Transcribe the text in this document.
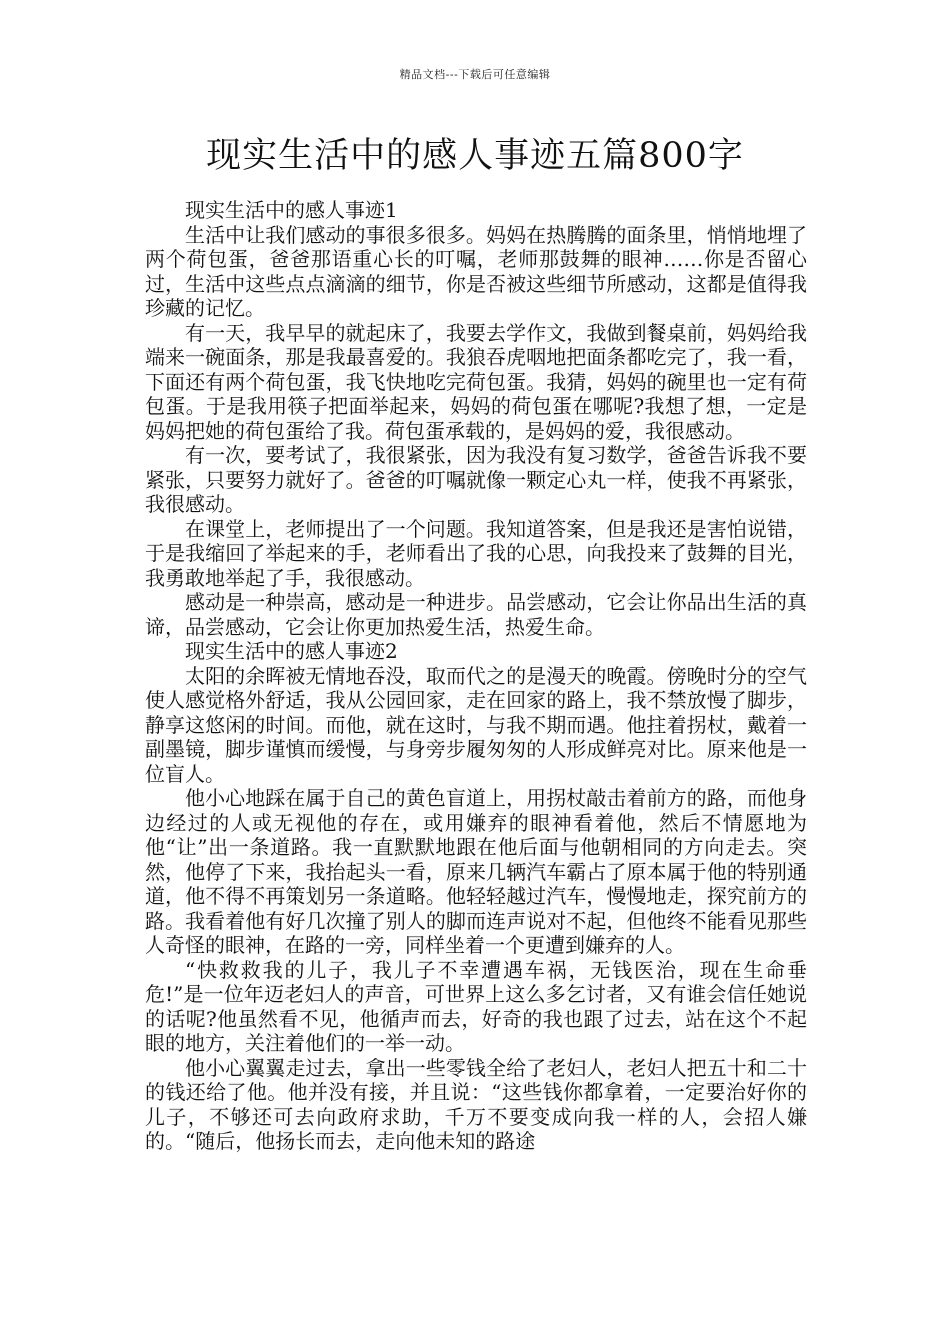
精品文档---下载后可任意编辑
现实生活中的感人事迹五篇800字

现实生活中的感人事迹1

生活中让我们感动的事很多很多。妈妈在热腾腾的面条里，悄悄地埋了两个荷包蛋，爸爸那语重心长的叮嘱，老师那鼓舞的眼神……你是否留心过，生活中这些点点滴滴的细节，你是否被这些细节所感动，这都是值得我珍藏的记忆。

有一天，我早早的就起床了，我要去学作文，我做到餐桌前，妈妈给我端来一碗面条，那是我最喜爱的。我狼吞虎咽地把面条都吃完了，我一看，下面还有两个荷包蛋，我飞快地吃完荷包蛋。我猜，妈妈的碗里也一定有荷包蛋。于是我用筷子把面举起来，妈妈的荷包蛋在哪呢?我想了想，一定是妈妈把她的荷包蛋给了我。荷包蛋承载的，是妈妈的爱，我很感动。

有一次，要考试了，我很紧张，因为我没有复习数学，爸爸告诉我不要紧张，只要努力就好了。爸爸的叮嘱就像一颗定心丸一样，使我不再紧张，我很感动。

在课堂上，老师提出了一个问题。我知道答案，但是我还是害怕说错，于是我缩回了举起来的手，老师看出了我的心思，向我投来了鼓舞的目光，我勇敢地举起了手，我很感动。

感动是一种崇高，感动是一种进步。品尝感动，它会让你品出生活的真谛，品尝感动，它会让你更加热爱生活，热爱生命。

现实生活中的感人事迹2

太阳的余晖被无情地吞没，取而代之的是漫天的晚霞。傍晚时分的空气使人感觉格外舒适，我从公园回家，走在回家的路上，我不禁放慢了脚步，静享这悠闲的时间。而他，就在这时，与我不期而遇。他拄着拐杖，戴着一副墨镜，脚步谨慎而缓慢，与身旁步履匆匆的人形成鲜亮对比。原来他是一位盲人。

他小心地踩在属于自己的黄色盲道上，用拐杖敲击着前方的路，而他身边经过的人或无视他的存在，或用嫌弃的眼神看着他，然后不情愿地为他“让”出一条道路。我一直默默地跟在他后面与他朝相同的方向走去。突然，他停了下来，我抬起头一看，原来几辆汽车霸占了原本属于他的特别通道，他不得不再策划另一条道略。他轻轻越过汽车，慢慢地走，探究前方的路。我看着他有好几次撞了别人的脚而连声说对不起，但他终不能看见那些人奇怪的眼神，在路的一旁，同样坐着一个更遭到嫌弃的人。

“快救救我的儿子，我儿子不幸遭遇车祸，无钱医治，现在生命垂危!”是一位年迈老妇人的声音，可世界上这么多乞讨者，又有谁会信任她说的话呢?他虽然看不见，他循声而去，好奇的我也跟了过去，站在这个不起眼的地方，关注着他们的一举一动。

他小心翼翼走过去，拿出一些零钱全给了老妇人，老妇人把五十和二十的钱还给了他。他并没有接，并且说：“这些钱你都拿着，一定要治好你的儿子，不够还可去向政府求助，千万不要变成向我一样的人，会招人嫌的。“随后，他扬长而去，走向他未知的路途
